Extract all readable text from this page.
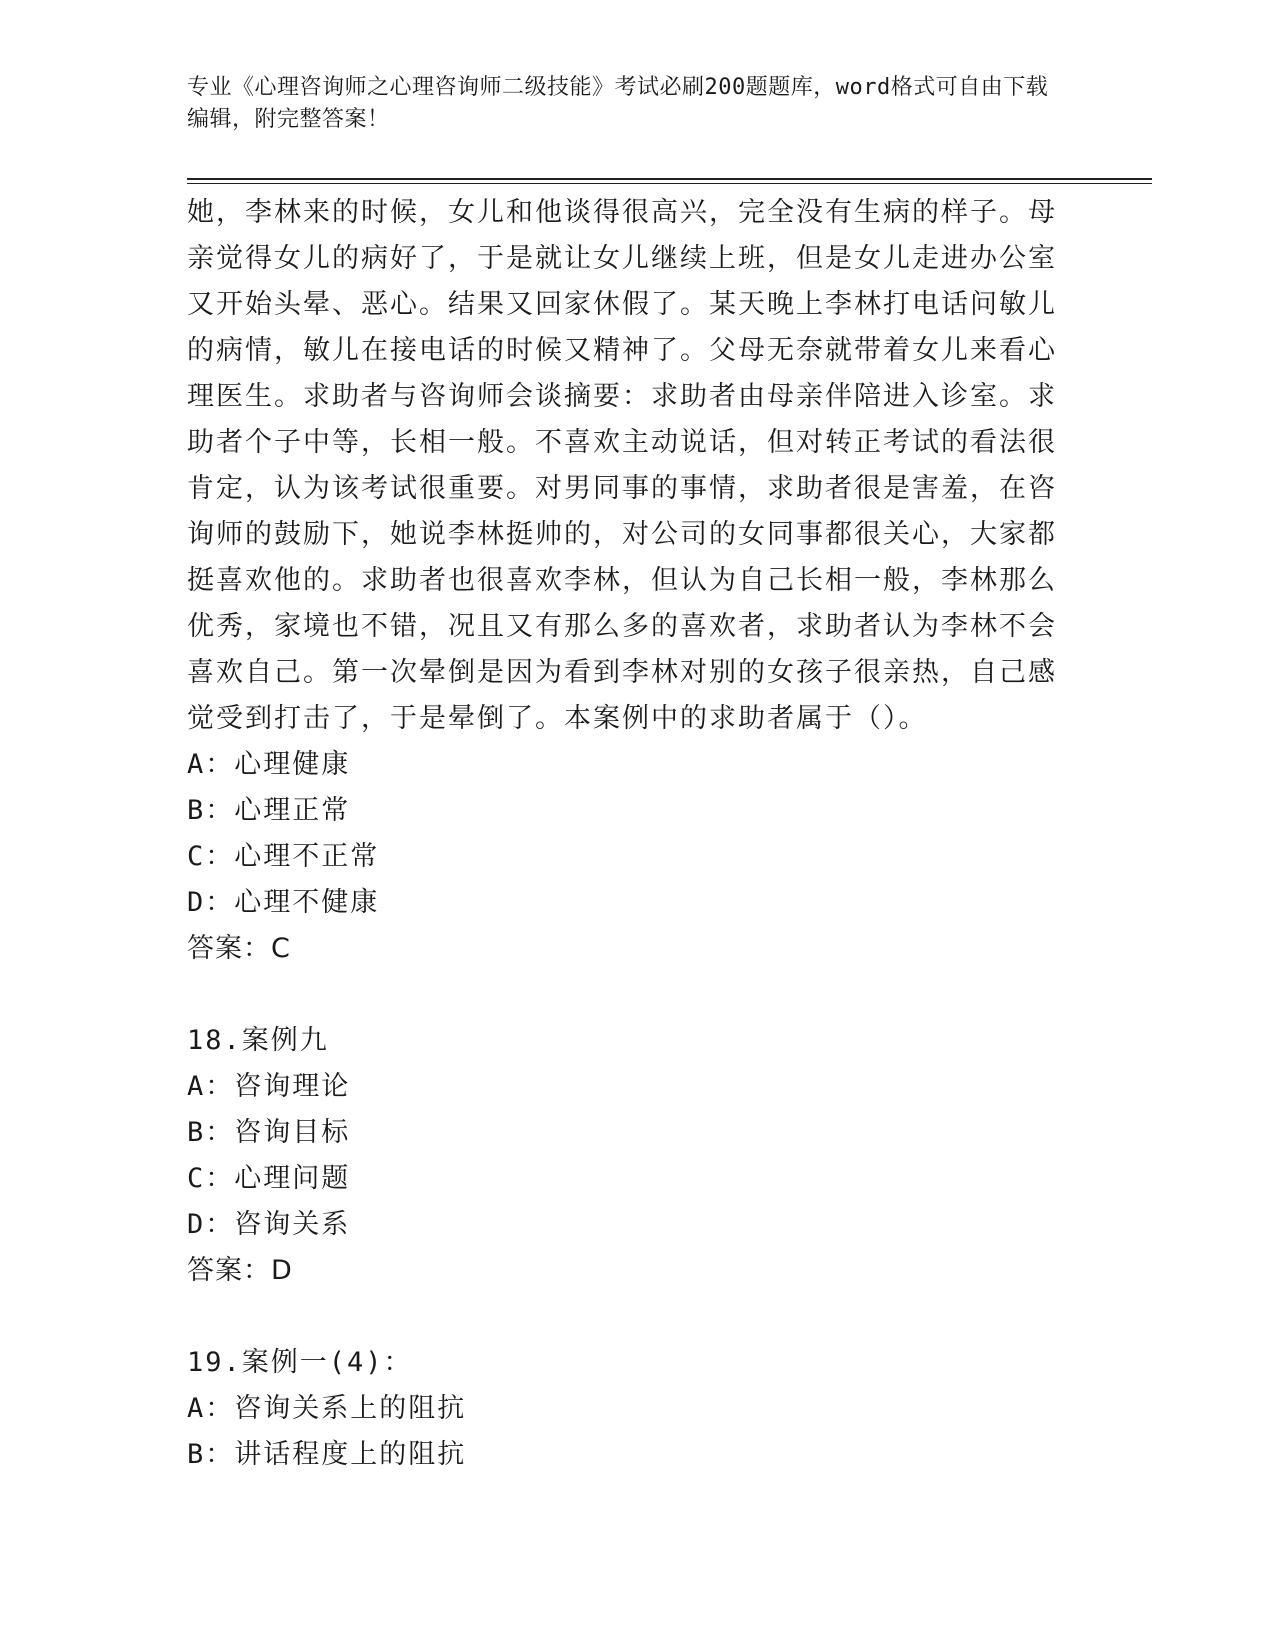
专业《心理咨询师之心理咨询师二级技能》考试必刷200题题库，word格式可自由下载编辑，附完整答案！

她，李林来的时候，女儿和他谈得很高兴，完全没有生病的样子。母亲觉得女儿的病好了，于是就让女儿继续上班，但是女儿走进办公室又开始头晕、恶心。结果又回家休假了。某天晚上李林打电话问敏儿的病情，敏儿在接电话的时候又精神了。父母无奈就带着女儿来看心理医生。求助者与咨询师会谈摘要：求助者由母亲伴陪进入诊室。求助者个子中等，长相一般。不喜欢主动说话，但对转正考试的看法很肯定，认为该考试很重要。对男同事的事情，求助者很是害羞，在咨询师的鼓励下，她说李林挺帅的，对公司的女同事都很关心，大家都挺喜欢他的。求助者也很喜欢李林，但认为自己长相一般，李林那么优秀，家境也不错，况且又有那么多的喜欢者，求助者认为李林不会喜欢自己。第一次晕倒是因为看到李林对别的女孩子很亲热，自己感觉受到打击了，于是晕倒了。本案例中的求助者属于（）。

A：心理健康

B：心理正常

C：心理不正常

D：心理不健康

答案：C

18.案例九

A：咨询理论

B：咨询目标

C：心理问题

D：咨询关系

答案：D

19.案例一(4)：

A：咨询关系上的阻抗

B：讲话程度上的阻抗
